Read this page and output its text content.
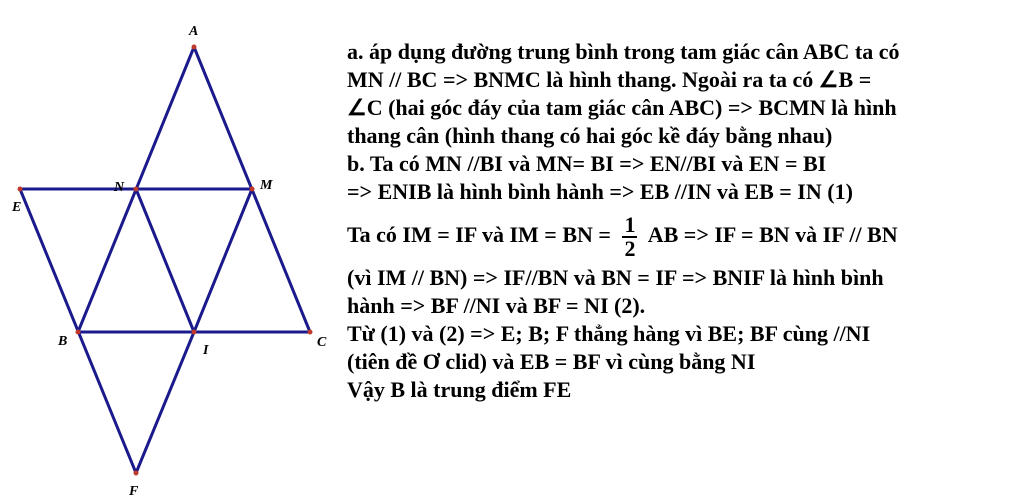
A
N	M
E
B
I
C
F
a. áp dụng đường trung bình trong tam giác cân ABC ta có
MN // BC => BNMC là hình thang. Ngoài ra ta có ∠B =
∠C (hai góc đáy của tam giác cân ABC) => BCMN là hình
thang cân (hình thang có hai góc kề đáy bằng nhau)
b. Ta có MN //BI và MN= BI => EN//BI và EN = BI
=> ENIB là hình bình hành => EB //IN và EB = IN (1)
Ta có IM = IF và IM = BN = $\frac{1}{2}$ AB => IF = BN và IF // BN
(vì IM // BN) => IF//BN và BN = IF => BNIF là hình bình
hành => BF //NI và BF = NI (2).
Từ (1) và (2) => E; B; F thẳng hàng vì BE; BF cùng //NI
(tiên đề Ơ clid) và EB = BF vì cùng bằng NI
Vậy B là trung điểm FE
